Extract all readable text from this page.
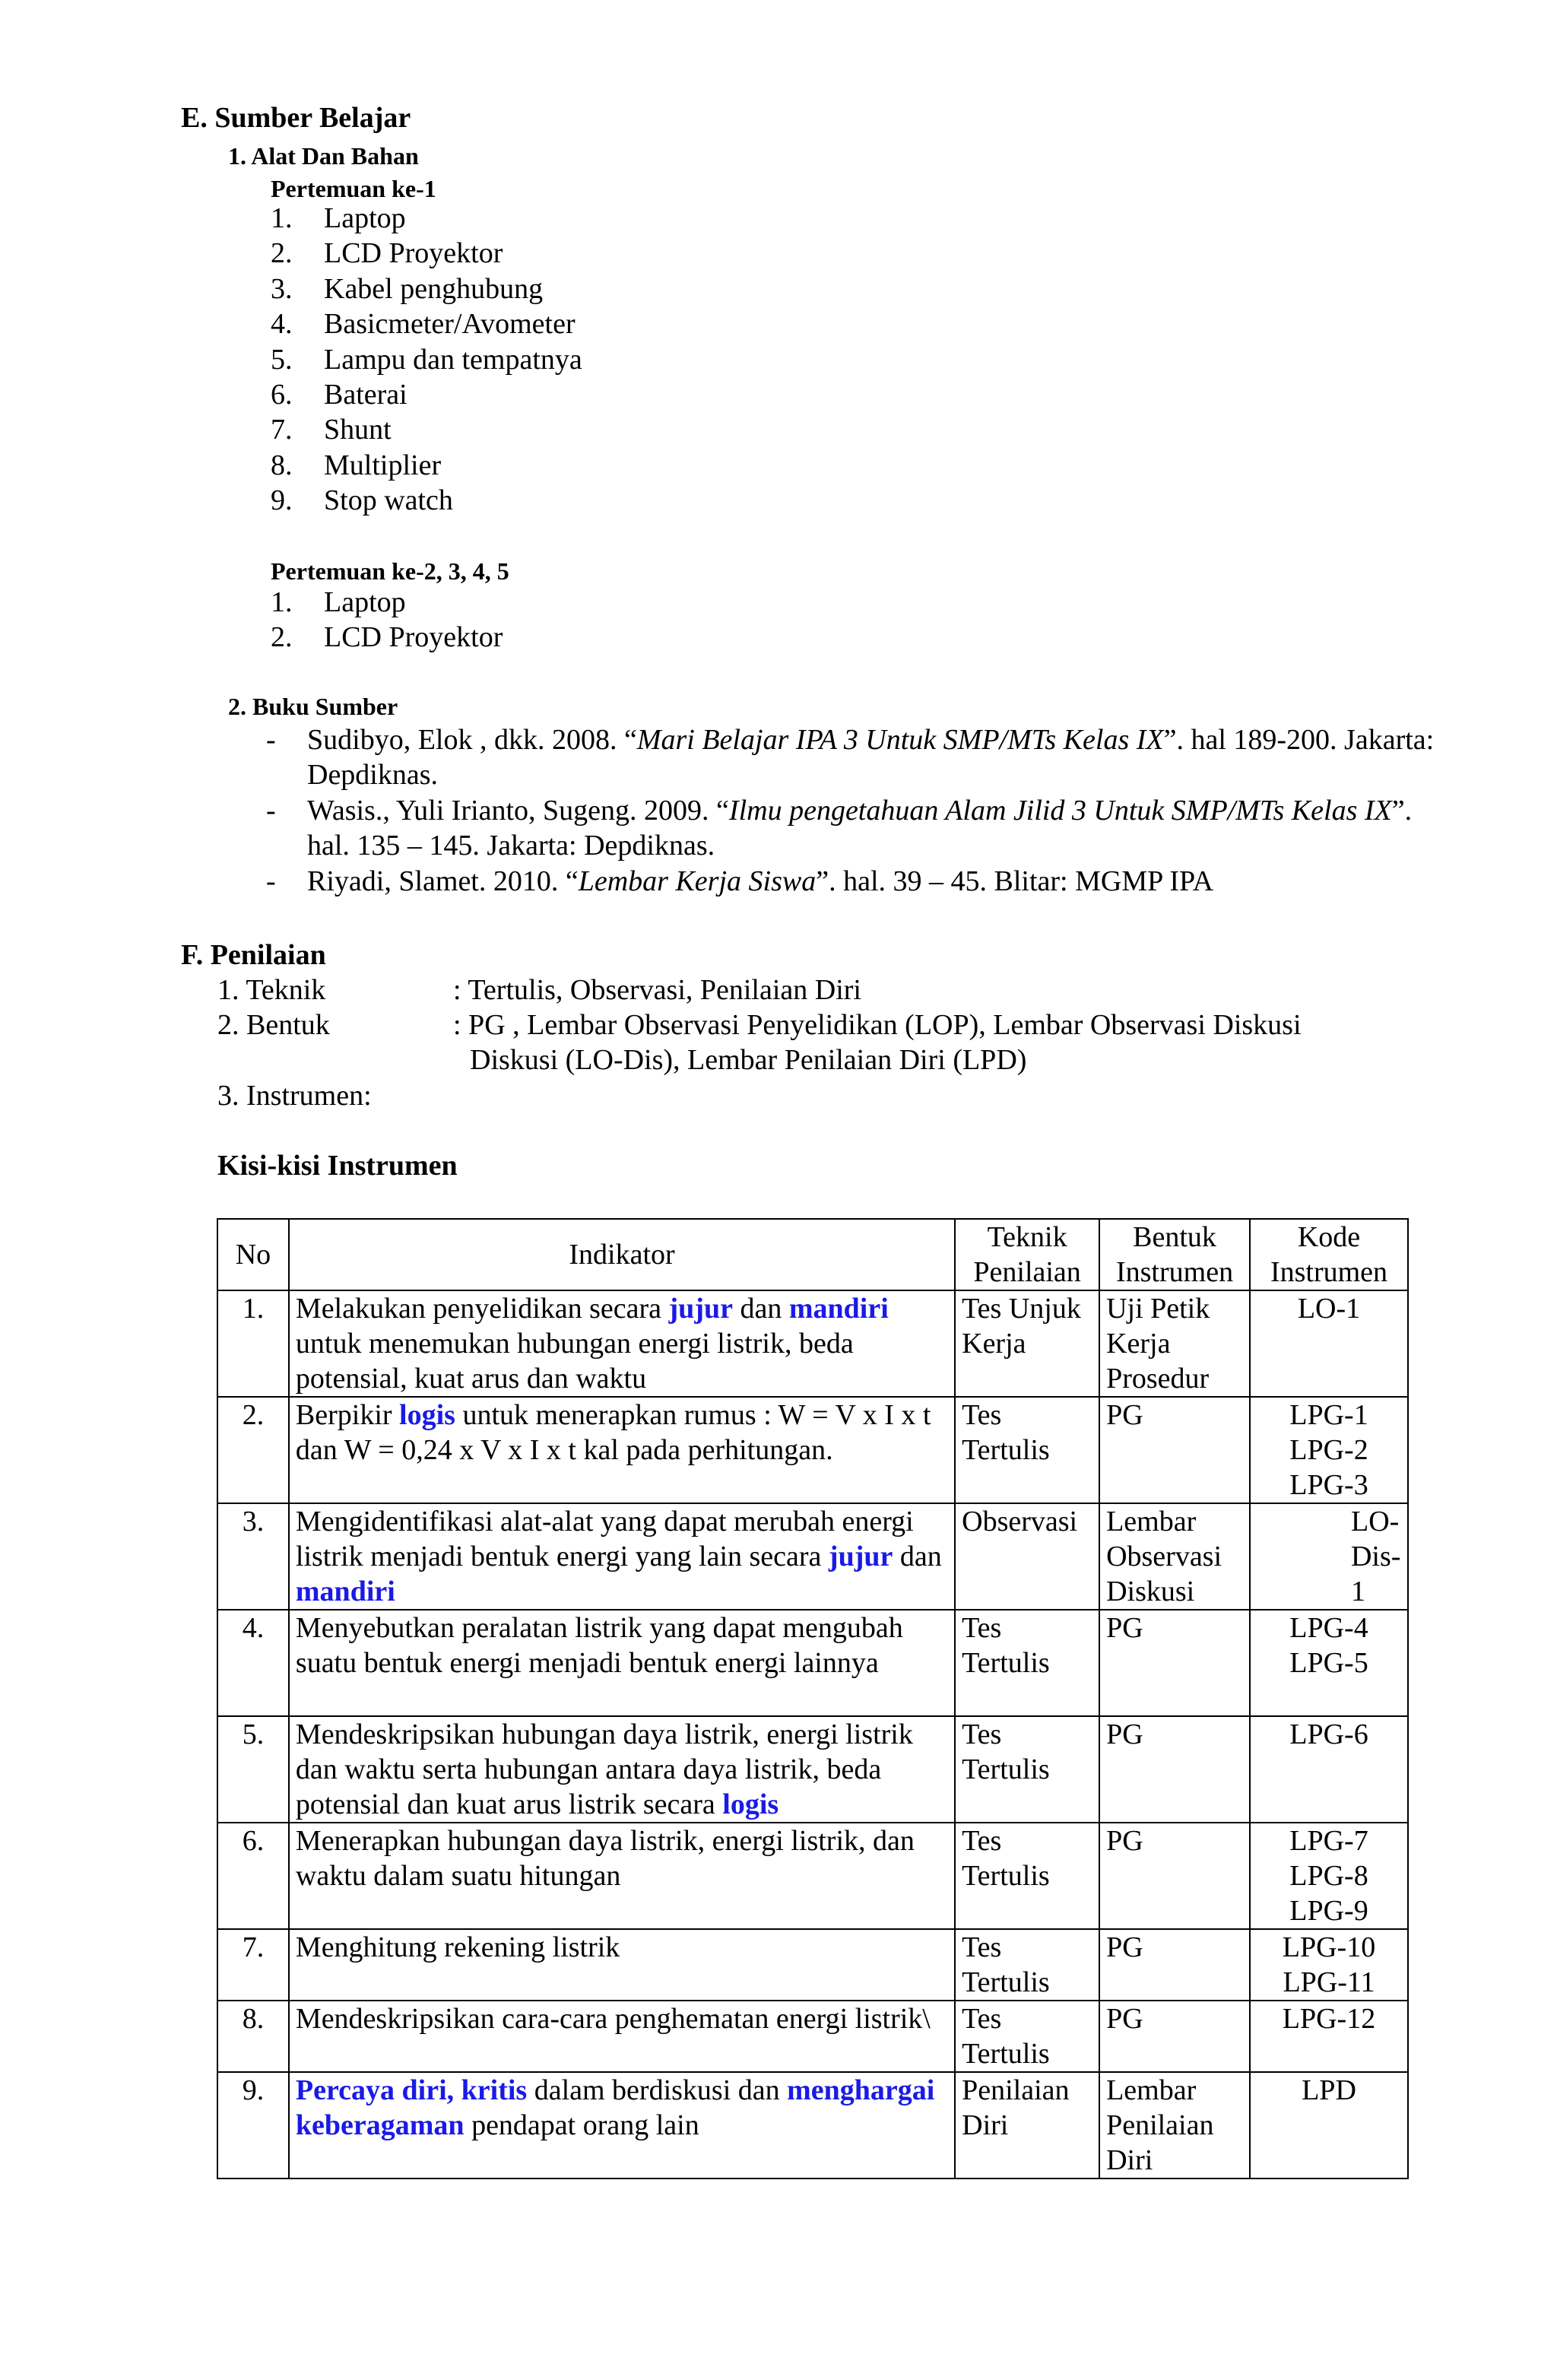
E. Sumber Belajar
1. Alat Dan Bahan
Pertemuan ke-1
1. Laptop
2. LCD Proyektor
3. Kabel penghubung
4. Basicmeter/Avometer
5. Lampu dan tempatnya
6. Baterai
7. Shunt
8. Multiplier
9. Stop watch
Pertemuan ke-2, 3, 4, 5
1. Laptop
2. LCD Proyektor
2. Buku Sumber
- Sudibyo, Elok , dkk. 2008. “Mari Belajar IPA 3 Untuk SMP/MTs Kelas IX”. hal 189-200. Jakarta: Depdiknas.
- Wasis., Yuli Irianto, Sugeng. 2009. “Ilmu pengetahuan Alam Jilid 3 Untuk SMP/MTs Kelas IX”. hal. 135 – 145. Jakarta: Depdiknas.
- Riyadi, Slamet. 2010. “Lembar Kerja Siswa”. hal. 39 – 45. Blitar: MGMP IPA
F. Penilaian
1. Teknik	: Tertulis, Observasi, Penilaian Diri
2. Bentuk	: PG , Lembar Observasi Penyelidikan (LOP), Lembar Observasi Diskusi
Diskusi (LO-Dis), Lembar Penilaian Diri (LPD)
3. Instrumen:
Kisi-kisi Instrumen
No	Indikator	Teknik Penilaian	Bentuk Instrumen	Kode Instrumen
1.	Melakukan penyelidikan secara jujur dan mandiri untuk menemukan hubungan energi listrik, beda potensial, kuat arus dan waktu	Tes Unjuk Kerja	Uji Petik Kerja Prosedur	LO-1

2.	Berpikir logis untuk menerapkan rumus : W = V x I x t dan W = 0,24 x V x I x t kal pada perhitungan.	Tes Tertulis	PG	LPG-1
LPG-2
LPG-3

3.	Mengidentifikasi alat-alat yang dapat merubah energi listrik menjadi bentuk energi yang lain secara jujur dan mandiri	Observasi	Lembar Observasi Diskusi	LO-
Dis-1

4.	Menyebutkan peralatan listrik yang dapat mengubah suatu bentuk energi menjadi bentuk energi lainnya	Tes Tertulis	PG	LPG-4
LPG-5

5.	Mendeskripsikan hubungan daya listrik, energi listrik dan waktu serta hubungan antara daya listrik, beda potensial dan kuat arus listrik secara logis	Tes Tertulis	PG	LPG-6

6.	Menerapkan hubungan daya listrik, energi listrik, dan waktu dalam suatu hitungan	Tes Tertulis	PG	LPG-7
LPG-8
LPG-9

7.	Menghitung rekening listrik	Tes Tertulis	PG	LPG-10
LPG-11

8.	Mendeskripsikan cara-cara penghematan energi listrik\	Tes Tertulis	PG	LPG-12

9.	Percaya diri, kritis dalam berdiskusi dan menghargai keberagaman pendapat orang lain	Penilaian Diri	Lembar Penilaian Diri	LPD
